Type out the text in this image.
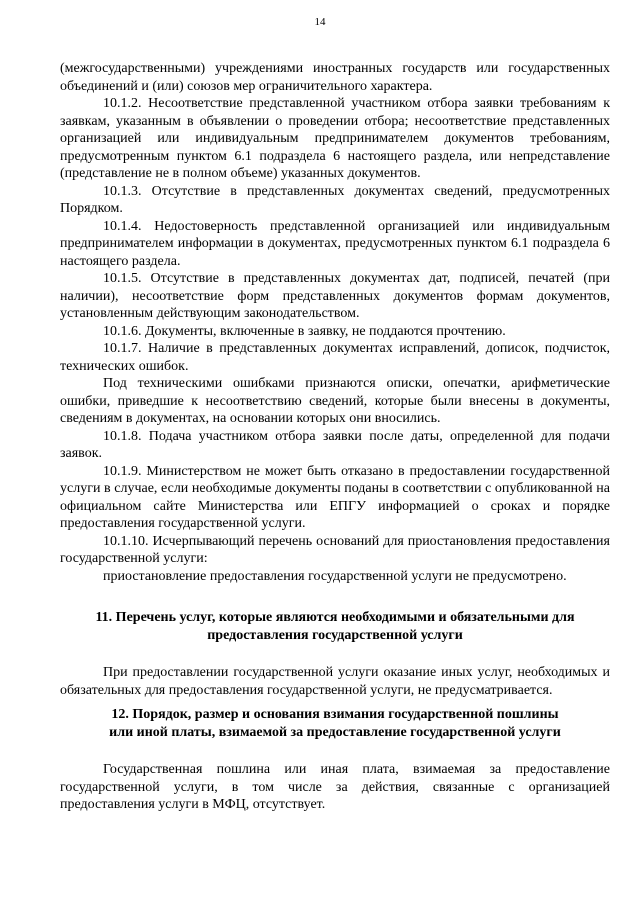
14

(межгосударственными) учреждениями иностранных государств или государственных объединений и (или) союзов мер ограничительного характера.

10.1.2. Несоответствие представленной участником отбора заявки требованиям к заявкам, указанным в объявлении о проведении отбора; несоответствие представленных организацией или индивидуальным предпринимателем документов требованиям, предусмотренным пунктом 6.1 подраздела 6 настоящего раздела, или непредставление (представление не в полном объеме) указанных документов.

10.1.3. Отсутствие в представленных документах сведений, предусмотренных Порядком.

10.1.4. Недостоверность представленной организацией или индивидуальным предпринимателем информации в документах, предусмотренных пунктом 6.1 подраздела 6 настоящего раздела.

10.1.5. Отсутствие в представленных документах дат, подписей, печатей (при наличии), несоответствие форм представленных документов формам документов, установленным действующим законодательством.

10.1.6. Документы, включенные в заявку, не поддаются прочтению.

10.1.7. Наличие в представленных документах исправлений, дописок, подчисток, технических ошибок.

Под техническими ошибками признаются описки, опечатки, арифметические ошибки, приведшие к несоответствию сведений, которые были внесены в документы, сведениям в документах, на основании которых они вносились.

10.1.8. Подача участником отбора заявки после даты, определенной для подачи заявок.

10.1.9. Министерством не может быть отказано в предоставлении государственной услуги в случае, если необходимые документы поданы в соответствии с опубликованной на официальном сайте Министерства или ЕПГУ информацией о сроках и порядке предоставления государственной услуги.

10.1.10. Исчерпывающий перечень оснований для приостановления предоставления государственной услуги:

приостановление предоставления государственной услуги не предусмотрено.

11. Перечень услуг, которые являются необходимыми и обязательными для предоставления государственной услуги

При предоставлении государственной услуги оказание иных услуг, необходимых и обязательных для предоставления государственной услуги, не предусматривается.

12. Порядок, размер и основания взимания государственной пошлины
или иной платы, взимаемой за предоставление государственной услуги

Государственная пошлина или иная плата, взимаемая за предоставление государственной услуги, в том числе за действия, связанные с организацией предоставления услуги в МФЦ, отсутствует.
